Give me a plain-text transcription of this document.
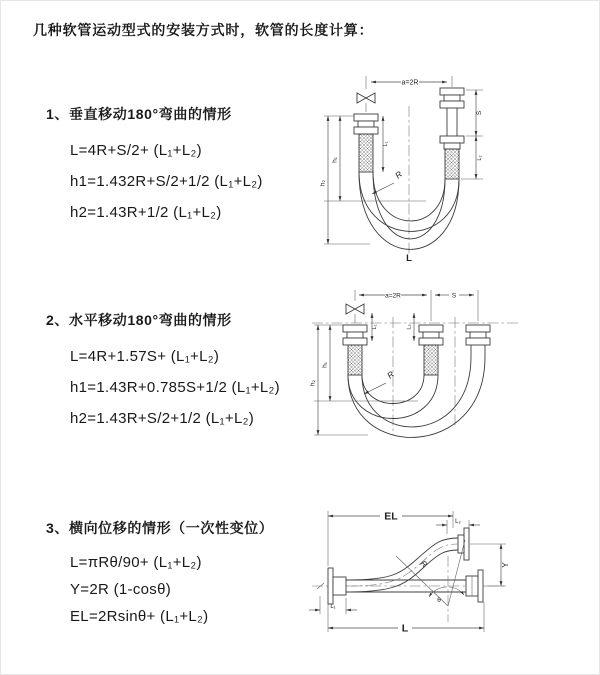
几种软管运动型式的安装方式时，软管的长度计算：
1、垂直移动180°弯曲的情形

L=4R+S/2+ (L₁+L₂)

h1=1.432R+S/2+1/2 (L₁+L₂)

h2=1.43R+1/2 (L₁+L₂)

2、水平移动180°弯曲的情形

L=4R+1.57S+ (L₁+L₂)

h1=1.43R+0.785S+1/2 (L₁+L₂)

h2=1.43R+S/2+1/2 (L₁+L₂)

3、横向位移的情形（一次性变位）

L=πRθ/90+ (L₁+L₂)

Y=2R (1-cosθ)

EL=2Rsinθ+ (L₁+L₂)

a=2R
h₁
h₂
L₁
S
L₂
R
L
a=2R	S
h₁
h₂
L₁	L₂
R
EL	L₂
R
θ
Y
L₁
L
